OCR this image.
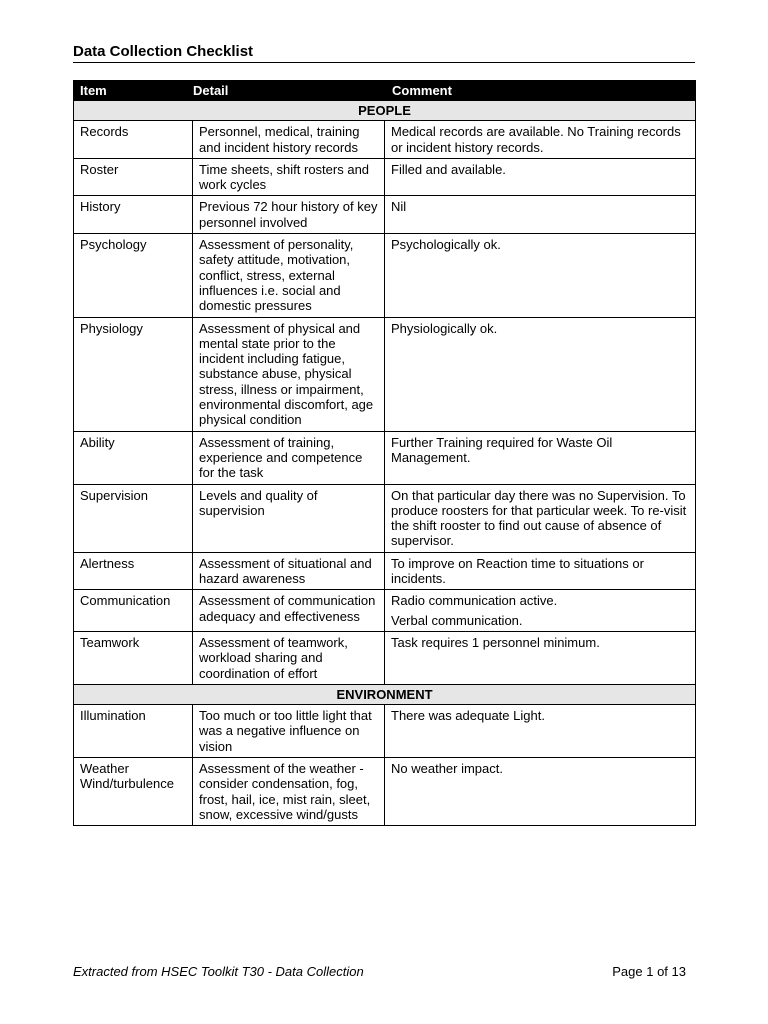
Data Collection Checklist
Item	Detail	Comment
PEOPLE		
Records	Personnel, medical, training and incident history records	Medical records are available. No Training records or incident history records.

Roster	Time sheets, shift rosters and work cycles	Filled and available.

History	Previous 72 hour history of key personnel involved	Nil

Psychology	Assessment of personality, safety attitude, motivation, conflict, stress, external influences i.e. social and domestic pressures	Psychologically ok.

Physiology	Assessment of physical and mental state prior to the incident including fatigue, substance abuse, physical stress, illness or impairment, environmental discomfort, age physical condition	Physiologically ok.

Ability	Assessment of training, experience and competence for the task	Further Training required for Waste Oil Management.

Supervision	Levels and quality of supervision	On that particular day there was no Supervision. To produce roosters for that particular week. To re-visit the shift rooster to find out cause of absence of supervisor.

Alertness	Assessment of situational and hazard awareness	To improve on Reaction time to situations or incidents.

Communication	Assessment of communication adequacy and effectiveness	Radio communication active.
Verbal communication.

Teamwork	Assessment of teamwork, workload sharing and coordination of effort	Task requires 1 personnel minimum.

ENVIRONMENT		
Illumination	Too much or too little light that was a negative influence on vision	There was adequate Light.

Weather Wind/turbulence	Assessment of the weather - consider condensation, fog, frost, hail, ice, mist rain, sleet, snow, excessive wind/gusts	No weather impact.
Extracted from HSEC Toolkit T30 - Data Collection	Page 1 of 13
